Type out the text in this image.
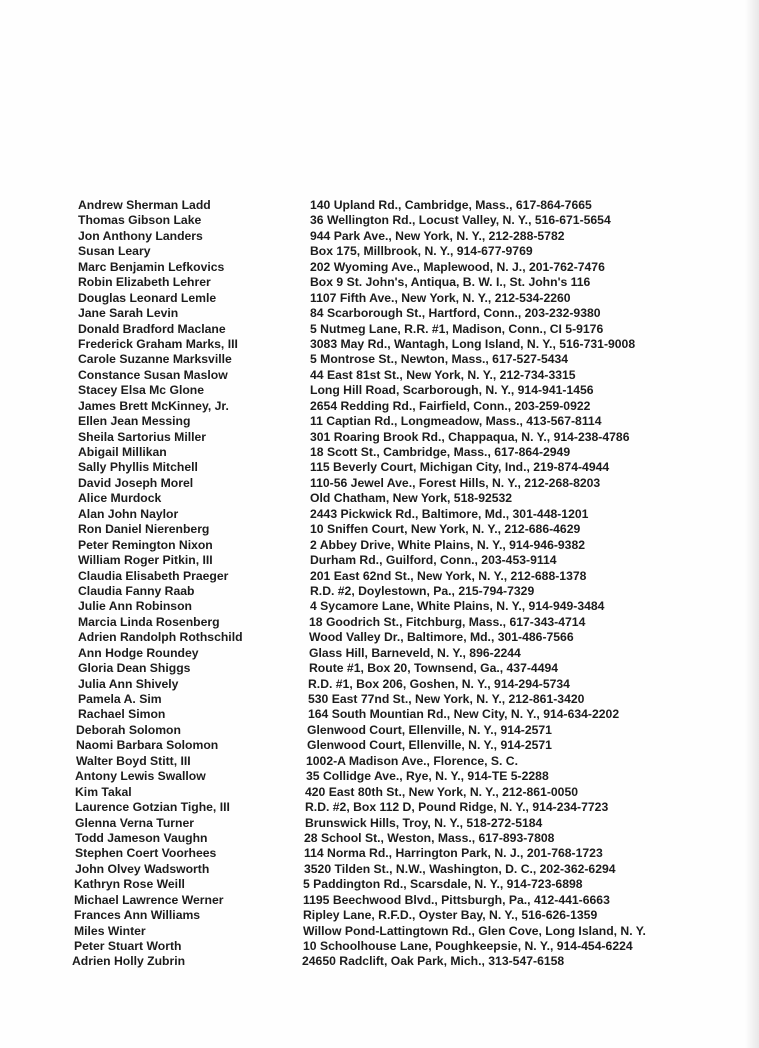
Andrew Sherman Ladd	140 Upland Rd., Cambridge, Mass., 617-864-7665
Thomas Gibson Lake	36 Wellington Rd., Locust Valley, N. Y., 516-671-5654
Jon Anthony Landers	944 Park Ave., New York, N. Y., 212-288-5782
Susan Leary	Box 175, Millbrook, N. Y., 914-677-9769
Marc Benjamin Lefkovics	202 Wyoming Ave., Maplewood, N. J., 201-762-7476
Robin Elizabeth Lehrer	Box 9 St. John's, Antiqua, B. W. I., St. John's 116
Douglas Leonard Lemle	1107 Fifth Ave., New York, N. Y., 212-534-2260
Jane Sarah Levin	84 Scarborough St., Hartford, Conn., 203-232-9380
Donald Bradford Maclane	5 Nutmeg Lane, R.R. #1, Madison, Conn., CI 5-9176
Frederick Graham Marks, III	3083 May Rd., Wantagh, Long Island, N. Y., 516-731-9008
Carole Suzanne Marksville	5 Montrose St., Newton, Mass., 617-527-5434
Constance Susan Maslow	44 East 81st St., New York, N. Y., 212-734-3315
Stacey Elsa Mc Glone	Long Hill Road, Scarborough, N. Y., 914-941-1456
James Brett McKinney, Jr.	2654 Redding Rd., Fairfield, Conn., 203-259-0922
Ellen Jean Messing	11 Captian Rd., Longmeadow, Mass., 413-567-8114
Sheila Sartorius Miller	301 Roaring Brook Rd., Chappaqua, N. Y., 914-238-4786
Abigail Millikan	18 Scott St., Cambridge, Mass., 617-864-2949
Sally Phyllis Mitchell	115 Beverly Court, Michigan City, Ind., 219-874-4944
David Joseph Morel	110-56 Jewel Ave., Forest Hills, N. Y., 212-268-8203
Alice Murdock	Old Chatham, New York, 518-92532
Alan John Naylor	2443 Pickwick Rd., Baltimore, Md., 301-448-1201
Ron Daniel Nierenberg	10 Sniffen Court, New York, N. Y., 212-686-4629
Peter Remington Nixon	2 Abbey Drive, White Plains, N. Y., 914-946-9382
William Roger Pitkin, III	Durham Rd., Guilford, Conn., 203-453-9114
Claudia Elisabeth Praeger	201 East 62nd St., New York, N. Y., 212-688-1378
Claudia Fanny Raab	R.D. #2, Doylestown, Pa., 215-794-7329
Julie Ann Robinson	4 Sycamore Lane, White Plains, N. Y., 914-949-3484
Marcia Linda Rosenberg	18 Goodrich St., Fitchburg, Mass., 617-343-4714
Adrien Randolph Rothschild	Wood Valley Dr., Baltimore, Md., 301-486-7566
Ann Hodge Roundey	Glass Hill, Barneveld, N. Y., 896-2244
Gloria Dean Shiggs	Route #1, Box 20, Townsend, Ga., 437-4494
Julia Ann Shively	R.D. #1, Box 206, Goshen, N. Y., 914-294-5734
Pamela A. Sim	530 East 77nd St., New York, N. Y., 212-861-3420
Rachael Simon	164 South Mountian Rd., New City, N. Y., 914-634-2202
Deborah Solomon	Glenwood Court, Ellenville, N. Y., 914-2571
Naomi Barbara Solomon	Glenwood Court, Ellenville, N. Y., 914-2571
Walter Boyd Stitt, III	1002-A Madison Ave., Florence, S. C.
Antony Lewis Swallow	35 Collidge Ave., Rye, N. Y., 914-TE 5-2288
Kim Takal	420 East 80th St., New York, N. Y., 212-861-0050
Laurence Gotzian Tighe, III	R.D. #2, Box 112 D, Pound Ridge, N. Y., 914-234-7723
Glenna Verna Turner	Brunswick Hills, Troy, N. Y., 518-272-5184
Todd Jameson Vaughn	28 School St., Weston, Mass., 617-893-7808
Stephen Coert Voorhees	114 Norma Rd., Harrington Park, N. J., 201-768-1723
John Olvey Wadsworth	3520 Tilden St., N.W., Washington, D. C., 202-362-6294
Kathryn Rose Weill	5 Paddington Rd., Scarsdale, N. Y., 914-723-6898
Michael Lawrence Werner	1195 Beechwood Blvd., Pittsburgh, Pa., 412-441-6663
Frances Ann Williams	Ripley Lane, R.F.D., Oyster Bay, N. Y., 516-626-1359
Miles Winter	Willow Pond-Lattingtown Rd., Glen Cove, Long Island, N. Y.
Peter Stuart Worth	10 Schoolhouse Lane, Poughkeepsie, N. Y., 914-454-6224
Adrien Holly Zubrin	24650 Radclift, Oak Park, Mich., 313-547-6158
